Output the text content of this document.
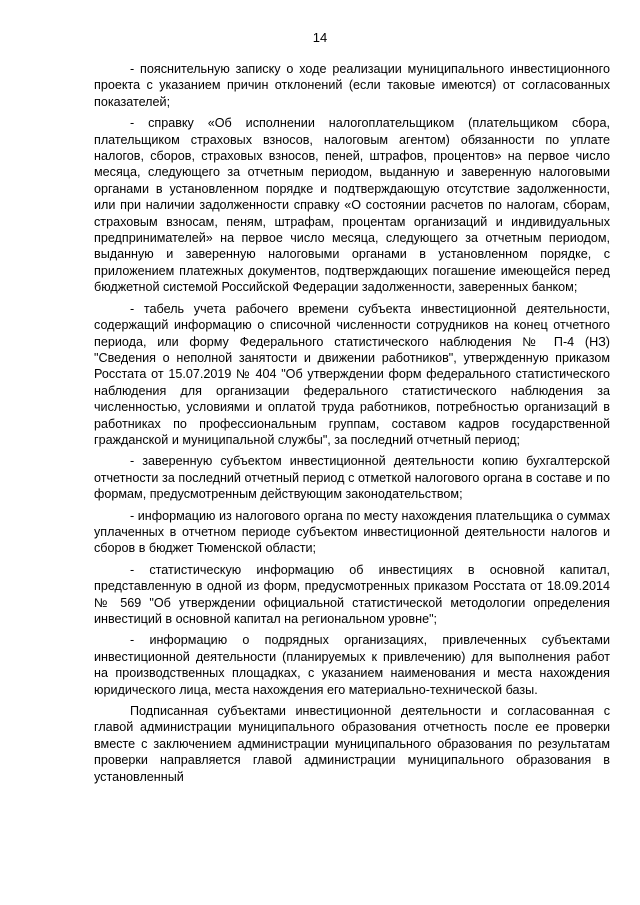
14

- пояснительную записку о ходе реализации муниципального инвестиционного проекта с указанием причин отклонений (если таковые имеются) от согласованных показателей;

- справку «Об исполнении налогоплательщиком (плательщиком сбора, плательщиком страховых взносов, налоговым агентом) обязанности по уплате налогов, сборов, страховых взносов, пеней, штрафов, процентов» на первое число месяца, следующего за отчетным периодом, выданную и заверенную налоговыми органами в установленном порядке и подтверждающую отсутствие задолженности, или при наличии задолженности справку «О состоянии расчетов по налогам, сборам, страховым взносам, пеням, штрафам, процентам организаций и индивидуальных предпринимателей» на первое число месяца, следующего за отчетным периодом, выданную и заверенную налоговыми органами в установленном порядке, с приложением платежных документов, подтверждающих погашение имеющейся перед бюджетной системой Российской Федерации задолженности, заверенных банком;

- табель учета рабочего времени субъекта инвестиционной деятельности, содержащий информацию о списочной численности сотрудников на конец отчетного периода, или форму Федерального статистического наблюдения № П-4 (НЗ) "Сведения о неполной занятости и движении работников", утвержденную приказом Росстата от 15.07.2019 № 404 "Об утверждении форм федерального статистического наблюдения для организации федерального статистического наблюдения за численностью, условиями и оплатой труда работников, потребностью организаций в работниках по профессиональным группам, составом кадров государственной гражданской и муниципальной службы", за последний отчетный период;

- заверенную субъектом инвестиционной деятельности копию бухгалтерской отчетности за последний отчетный период с отметкой налогового органа в составе и по формам, предусмотренным действующим законодательством;

- информацию из налогового органа по месту нахождения плательщика о суммах уплаченных в отчетном периоде субъектом инвестиционной деятельности налогов и сборов в бюджет Тюменской области;

- статистическую информацию об инвестициях в основной капитал, представленную в одной из форм, предусмотренных приказом Росстата от 18.09.2014 № 569 "Об утверждении официальной статистической методологии определения инвестиций в основной капитал на региональном уровне";

- информацию о подрядных организациях, привлеченных субъектами инвестиционной деятельности (планируемых к привлечению) для выполнения работ на производственных площадках, с указанием наименования и места нахождения юридического лица, места нахождения его материально-технической базы.

Подписанная субъектами инвестиционной деятельности и согласованная с главой администрации муниципального образования отчетность после ее проверки вместе с заключением администрации муниципального образования по результатам проверки направляется главой администрации муниципального образования в установленный
